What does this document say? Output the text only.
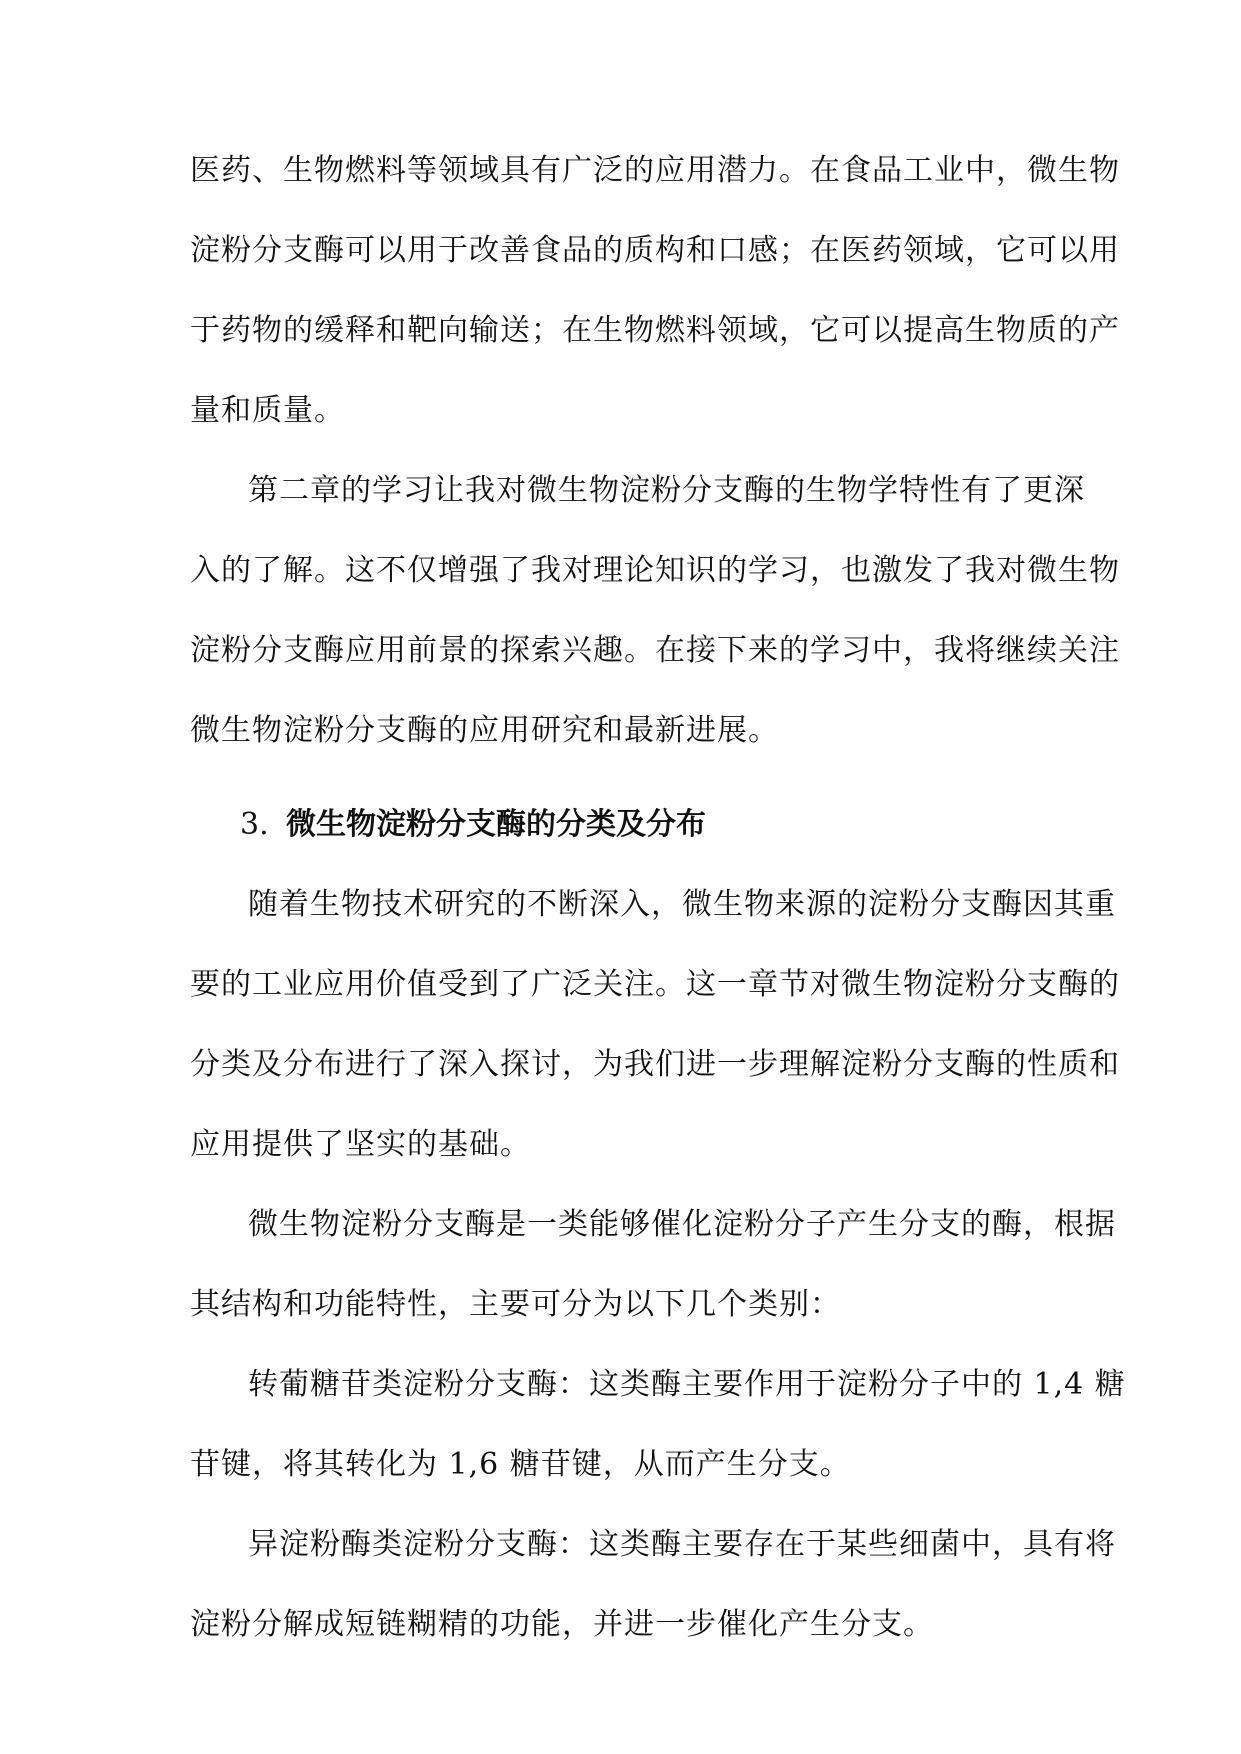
医药、生物燃料等领域具有广泛的应用潜力。在食品工业中，微生物
淀粉分支酶可以用于改善食品的质构和口感；在医药领域，它可以用
于药物的缓释和靶向输送；在生物燃料领域，它可以提高生物质的产
量和质量。
第二章的学习让我对微生物淀粉分支酶的生物学特性有了更深
入的了解。这不仅增强了我对理论知识的学习，也激发了我对微生物
淀粉分支酶应用前景的探索兴趣。在接下来的学习中，我将继续关注
微生物淀粉分支酶的应用研究和最新进展。
3. 微生物淀粉分支酶的分类及分布
随着生物技术研究的不断深入，微生物来源的淀粉分支酶因其重
要的工业应用价值受到了广泛关注。这一章节对微生物淀粉分支酶的
分类及分布进行了深入探讨，为我们进一步理解淀粉分支酶的性质和
应用提供了坚实的基础。
微生物淀粉分支酶是一类能够催化淀粉分子产生分支的酶，根据
其结构和功能特性，主要可分为以下几个类别：
转葡糖苷类淀粉分支酶：这类酶主要作用于淀粉分子中的 1,4 糖
苷键，将其转化为 1,6 糖苷键，从而产生分支。
异淀粉酶类淀粉分支酶：这类酶主要存在于某些细菌中，具有将
淀粉分解成短链糊精的功能，并进一步催化产生分支。
